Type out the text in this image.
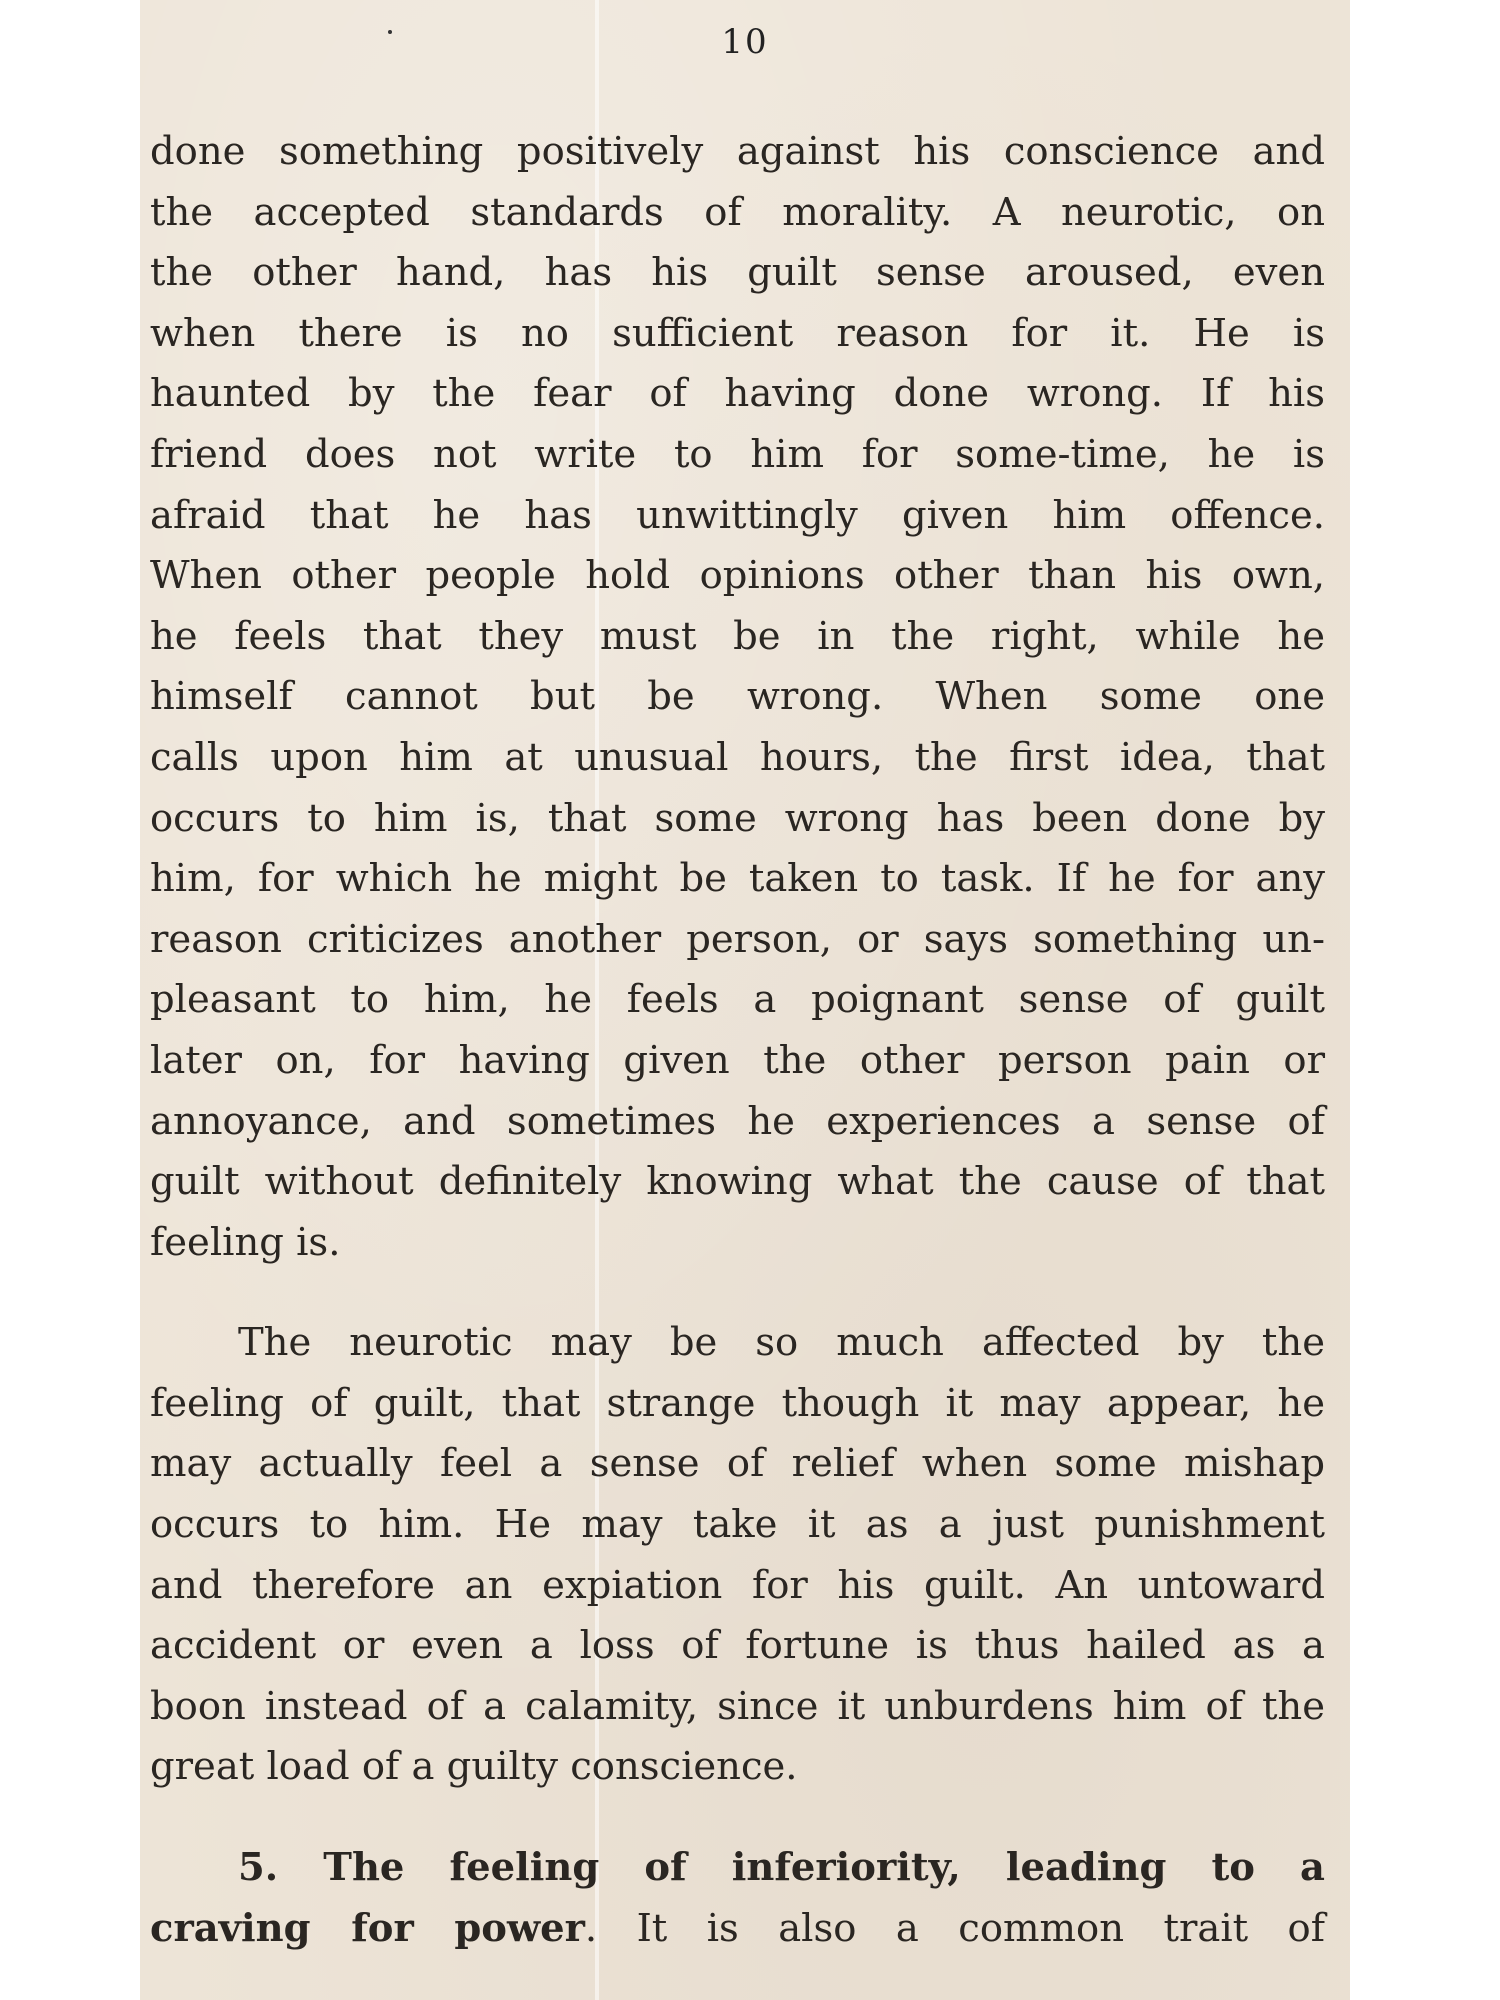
10
done something positively against his conscience and
the accepted standards of morality. A neurotic, on
the other hand, has his guilt sense aroused, even
when there is no sufficient reason for it. He is
haunted by the fear of having done wrong. If his
friend does not write to him for some-time, he is
afraid that he has unwittingly given him offence.
When other people hold opinions other than his own,
he feels that they must be in the right, while he
himself cannot but be wrong. When some one
calls upon him at unusual hours, the first idea, that
occurs to him is, that some wrong has been done by
him, for which he might be taken to task. If he for any
reason criticizes another person, or says something un-
pleasant to him, he feels a poignant sense of guilt
later on, for having given the other person pain or
annoyance, and sometimes he experiences a sense of
guilt without definitely knowing what the cause of that
feeling is.
The neurotic may be so much affected by the
feeling of guilt, that strange though it may appear, he
may actually feel a sense of relief when some mishap
occurs to him. He may take it as a just punishment
and therefore an expiation for his guilt. An untoward
accident or even a loss of fortune is thus hailed as a
boon instead of a calamity, since it unburdens him of the
great load of a guilty conscience.
5. The feeling of inferiority, leading to a
craving for power. It is also a common trait of
